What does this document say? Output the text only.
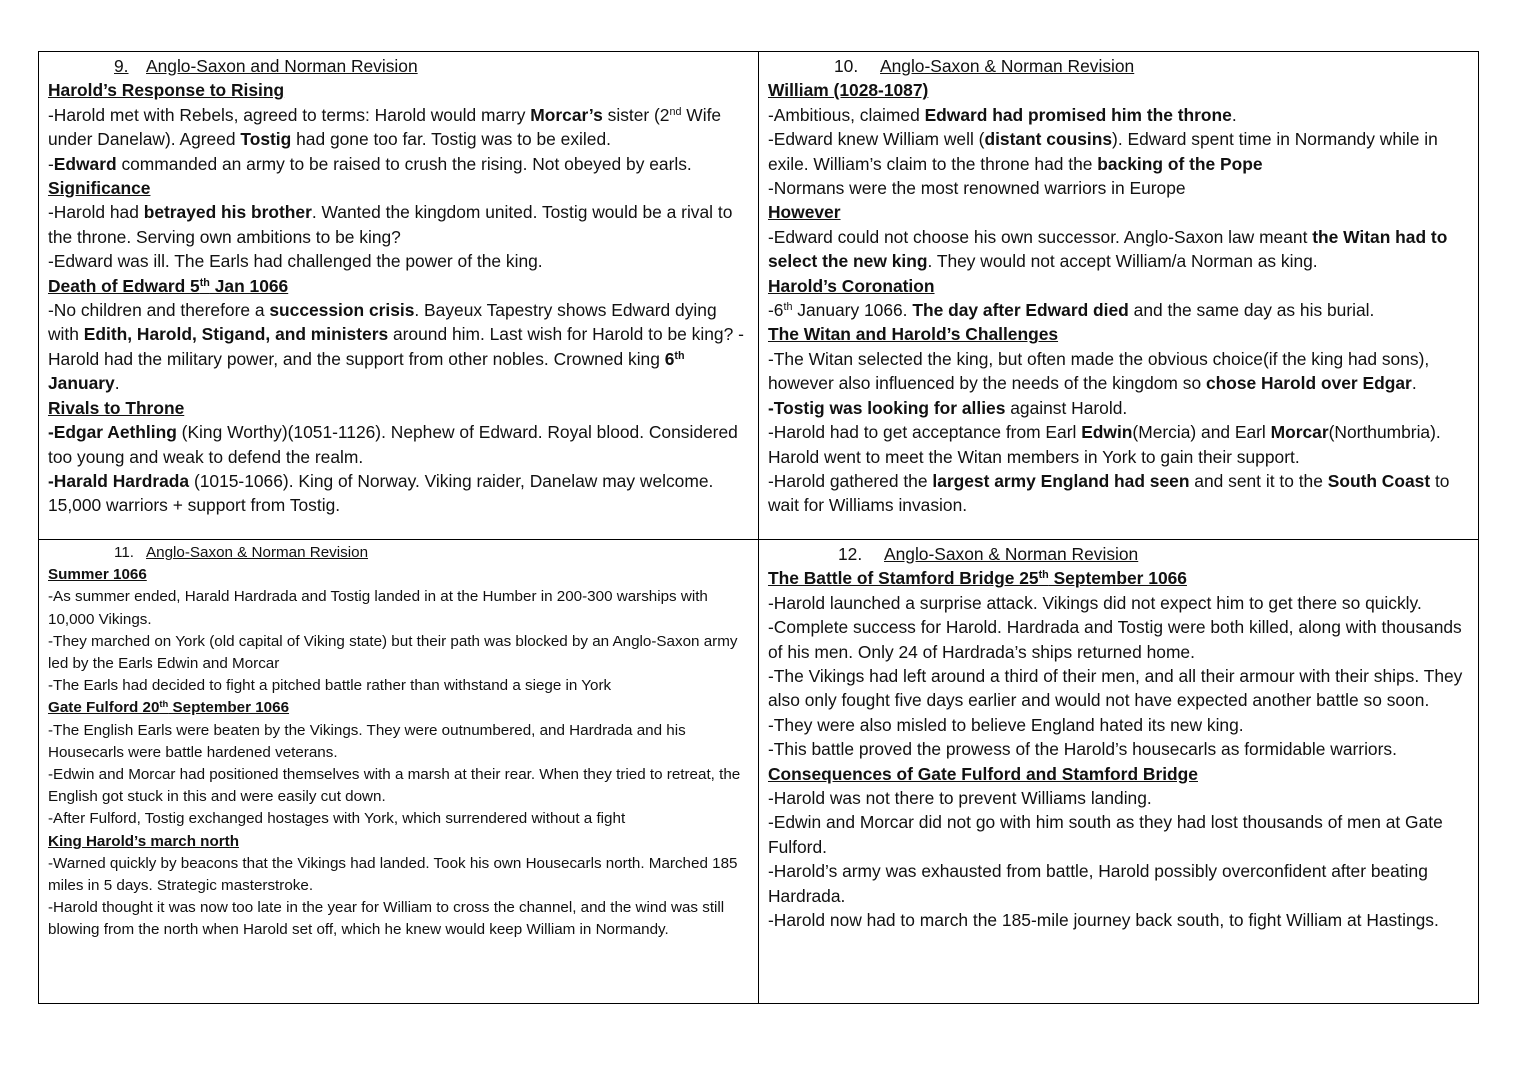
9. Anglo-Saxon and Norman Revision
Harold’s Response to Rising

-Harold met with Rebels, agreed to terms: Harold would marry Morcar’s sister (2nd Wife under Danelaw). Agreed Tostig had gone too far. Tostig was to be exiled.

-Edward commanded an army to be raised to crush the rising. Not obeyed by earls.

Significance

-Harold had betrayed his brother. Wanted the kingdom united. Tostig would be a rival to the throne. Serving own ambitions to be king?

-Edward was ill. The Earls had challenged the power of the king.

Death of Edward 5th Jan 1066

-No children and therefore a succession crisis. Bayeux Tapestry shows Edward dying with Edith, Harold, Stigand, and ministers around him. Last wish for Harold to be king? -Harold had the military power, and the support from other nobles. Crowned king 6th January.

Rivals to Throne

-Edgar Aethling (King Worthy)(1051-1126). Nephew of Edward. Royal blood. Considered too young and weak to defend the realm.

-Harald Hardrada (1015-1066). King of Norway. Viking raider, Danelaw may welcome. 15,000 warriors + support from Tostig.

10. Anglo-Saxon & Norman Revision
William (1028-1087)

-Ambitious, claimed Edward had promised him the throne.

-Edward knew William well (distant cousins). Edward spent time in Normandy while in exile. William’s claim to the throne had the backing of the Pope

-Normans were the most renowned warriors in Europe

However

-Edward could not choose his own successor. Anglo-Saxon law meant the Witan had to select the new king. They would not accept William/a Norman as king.

Harold’s Coronation

-6th January 1066. The day after Edward died and the same day as his burial.

The Witan and Harold’s Challenges

-The Witan selected the king, but often made the obvious choice(if the king had sons), however also influenced by the needs of the kingdom so chose Harold over Edgar.

-Tostig was looking for allies against Harold.

-Harold had to get acceptance from Earl Edwin(Mercia) and Earl Morcar(Northumbria). Harold went to meet the Witan members in York to gain their support.

-Harold gathered the largest army England had seen and sent it to the South Coast to wait for Williams invasion.

11. Anglo-Saxon & Norman Revision
Summer 1066

-As summer ended, Harald Hardrada and Tostig landed in at the Humber in 200-300 warships with 10,000 Vikings.

-They marched on York (old capital of Viking state) but their path was blocked by an Anglo-Saxon army led by the Earls Edwin and Morcar

-The Earls had decided to fight a pitched battle rather than withstand a siege in York

Gate Fulford 20th September 1066

-The English Earls were beaten by the Vikings. They were outnumbered, and Hardrada and his Housecarls were battle hardened veterans.

-Edwin and Morcar had positioned themselves with a marsh at their rear. When they tried to retreat, the English got stuck in this and were easily cut down.

-After Fulford, Tostig exchanged hostages with York, which surrendered without a fight

King Harold’s march north

-Warned quickly by beacons that the Vikings had landed. Took his own Housecarls north. Marched 185 miles in 5 days. Strategic masterstroke.

-Harold thought it was now too late in the year for William to cross the channel, and the wind was still blowing from the north when Harold set off, which he knew would keep William in Normandy.

12. Anglo-Saxon & Norman Revision
The Battle of Stamford Bridge 25th September 1066

-Harold launched a surprise attack. Vikings did not expect him to get there so quickly.

-Complete success for Harold. Hardrada and Tostig were both killed, along with thousands of his men. Only 24 of Hardrada’s ships returned home.

-The Vikings had left around a third of their men, and all their armour with their ships. They also only fought five days earlier and would not have expected another battle so soon.

-They were also misled to believe England hated its new king.

-This battle proved the prowess of the Harold’s housecarls as formidable warriors.

Consequences of Gate Fulford and Stamford Bridge

-Harold was not there to prevent Williams landing.

-Edwin and Morcar did not go with him south as they had lost thousands of men at Gate Fulford.

-Harold’s army was exhausted from battle, Harold possibly overconfident after beating Hardrada.

-Harold now had to march the 185-mile journey back south, to fight William at Hastings.
